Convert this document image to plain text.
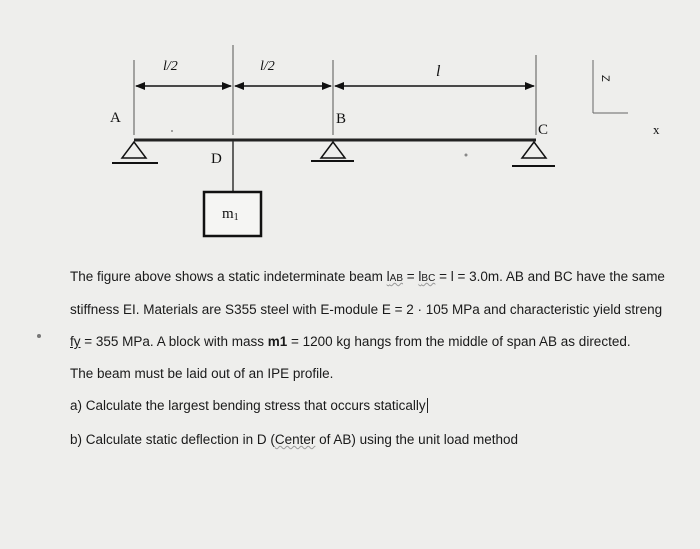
l/2	l/2	l
A	B
C
D
m1
Z
x
The figure above shows a static indeterminate beam lAB = lBC = l = 3.0m. AB and BC have the same
stiffness EI. Materials are S355 steel with E-module E = 2 · 105 MPa and characteristic yield streng
fy = 355 MPa. A block with mass m1 = 1200 kg hangs from the middle of span AB as directed.
The beam must be laid out of an IPE profile.
a) Calculate the largest bending stress that occurs statically
b) Calculate static deflection in D (Center of AB) using the unit load method
